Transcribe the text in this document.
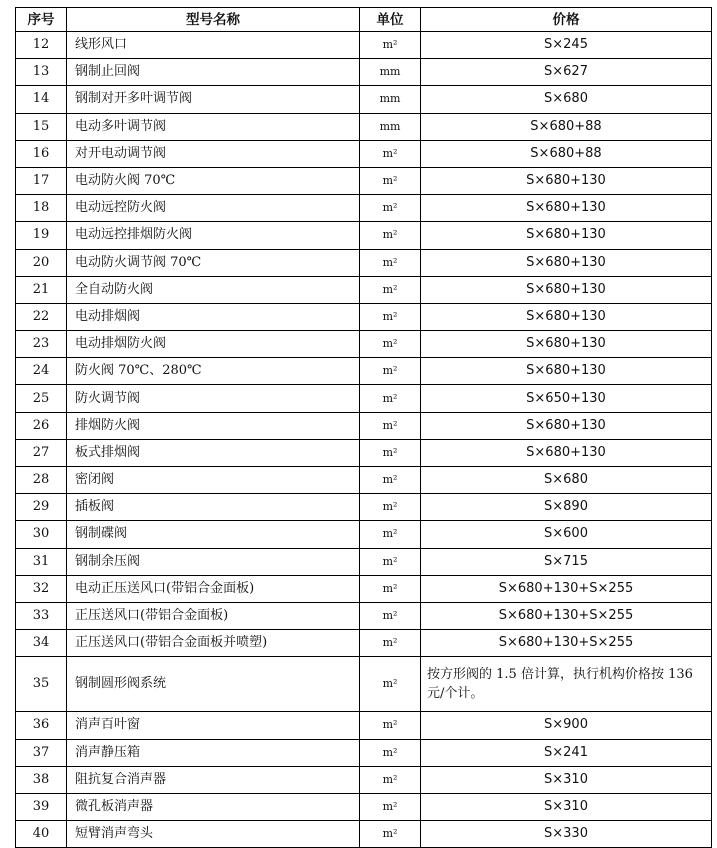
序号	型号名称	单位	价格
12	线形风口	m²	S×245
13	钢制止回阀	mm	S×627
14	钢制对开多叶调节阀	mm	S×680
15	电动多叶调节阀	mm	S×680+88
16	对开电动调节阀	m²	S×680+88
17	电动防火阀 70℃	m²	S×680+130
18	电动远控防火阀	m²	S×680+130
19	电动远控排烟防火阀	m²	S×680+130
20	电动防火调节阀 70℃	m²	S×680+130
21	全自动防火阀	m²	S×680+130
22	电动排烟阀	m²	S×680+130
23	电动排烟防火阀	m²	S×680+130
24	防火阀 70℃、280℃	m²	S×680+130
25	防火调节阀	m²	S×650+130
26	排烟防火阀	m²	S×680+130
27	板式排烟阀	m²	S×680+130
28	密闭阀	m²	S×680
29	插板阀	m²	S×890
30	钢制碟阀	m²	S×600
31	钢制余压阀	m²	S×715
32	电动正压送风口(带铝合金面板)	m²	S×680+130+S×255
33	正压送风口(带铝合金面板)	m²	S×680+130+S×255
34	正压送风口(带铝合金面板并喷塑)	m²	S×680+130+S×255
35	钢制圆形阀系统	m²	按方形阀的 1.5 倍计算，执行机构价格按 136 元/个计。
36	消声百叶窗	m²	S×900
37	消声静压箱	m²	S×241
38	阻抗复合消声器	m²	S×310
39	微孔板消声器	m²	S×310
40	短臂消声弯头	m²	S×330
